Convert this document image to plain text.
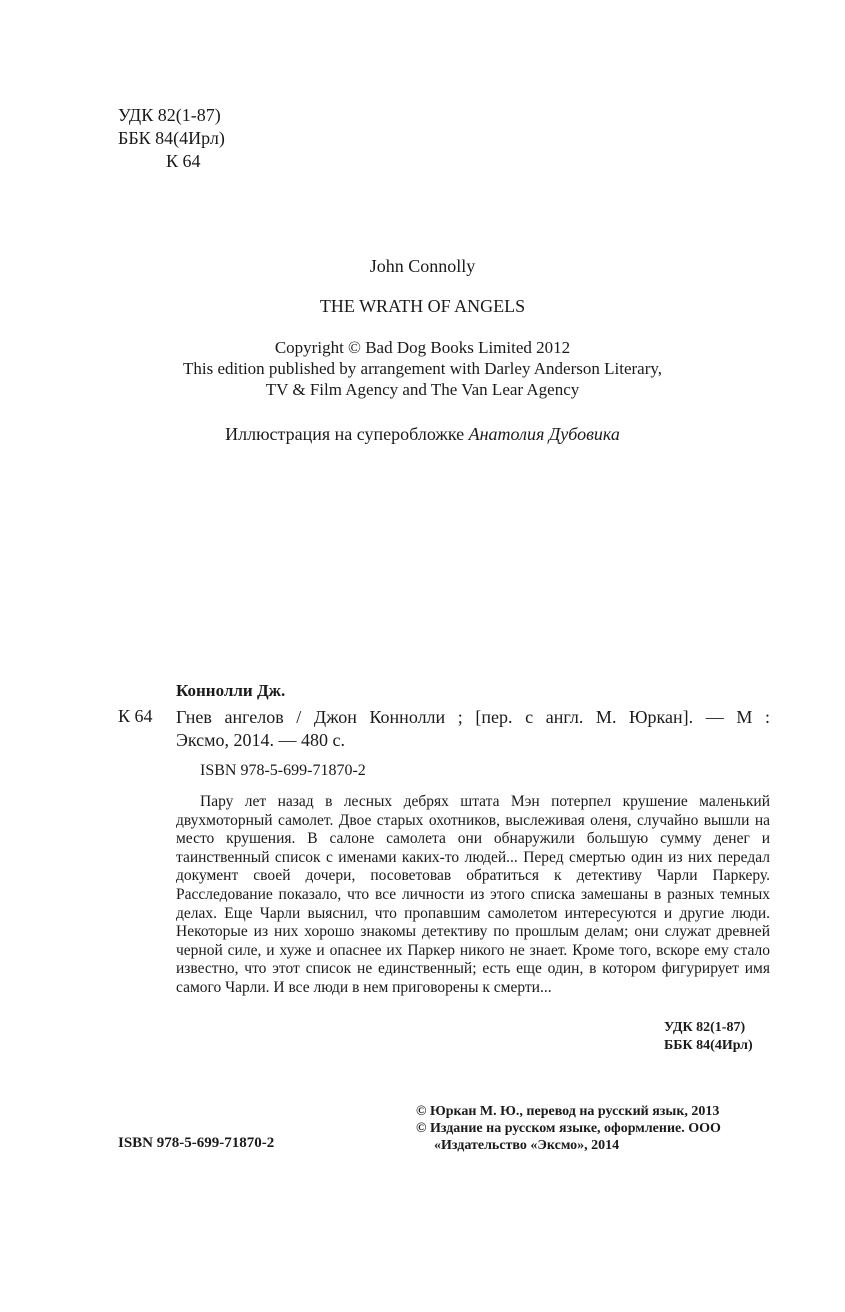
УДК 82(1-87)
ББК 84(4Ирл)
К 64
John Connolly
THE WRATH OF ANGELS
Copyright © Bad Dog Books Limited 2012
This edition published by arrangement with Darley Anderson Literary,
TV & Film Agency and The Van Lear Agency
Иллюстрация на суперобложке Анатолия Дубовика
Коннолли Дж.
К 64 Гнев ангелов / Джон Коннолли ; [пер. с англ. М. Юркан]. — М :
Эксмо, 2014. — 480 с.
ISBN 978-5-699-71870-2

Пару лет назад в лесных дебрях штата Мэн потерпел крушение маленький двухмоторный самолет. Двое старых охотников, выслеживая оленя, случайно вышли на место крушения. В салоне самолета они обнаружили большую сумму денег и таинственный список с именами каких-то людей... Перед смертью один из них передал документ своей дочери, посоветовав обратиться к детективу Чарли Паркеру. Расследование показало, что все личности из этого списка замешаны в разных темных делах. Еще Чарли выяснил, что пропавшим самолетом интересуются и другие люди. Некоторые из них хорошо знакомы детективу по прошлым делам; они служат древней черной силе, и хуже и опаснее их Паркер никого не знает. Кроме того, вскоре ему стало известно, что этот список не единственный; есть еще один, в котором фигурирует имя самого Чарли. И все люди в нем приговорены к смерти...

УДК 82(1-87)
ББК 84(4Ирл)
© Юркан М. Ю., перевод на русский язык, 2013
© Издание на русском языке, оформление. ООО
«Издательство «Эксмо», 2014
ISBN 978-5-699-71870-2
